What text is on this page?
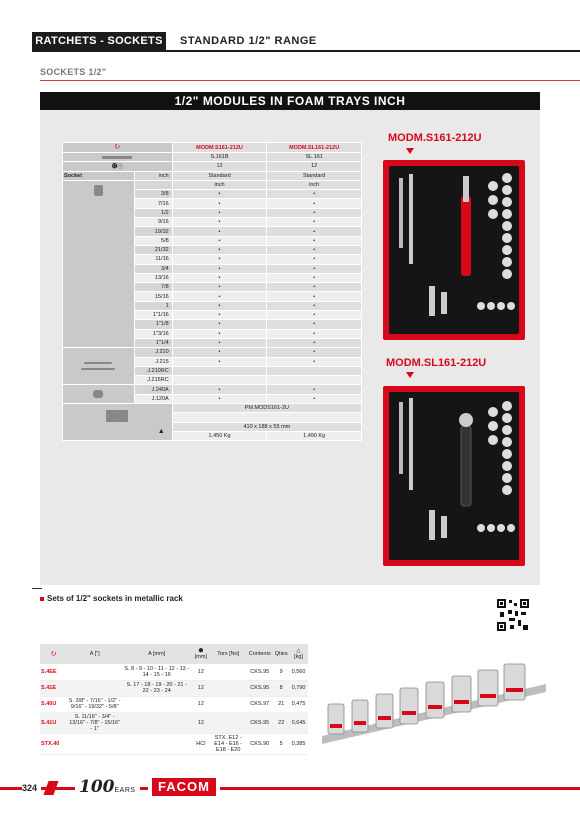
RATCHETS - SOCKETS STANDARD 1/2" RANGE
SOCKETS 1/2"
1/2" MODULES IN FOAM TRAYS INCH
⭮		MODM.S161-212U	MODM.SL161-212U

		S.161B	SL.161
⓬ⓢ		12	12
Socket	inch	Standard	Standard

		inch	inch
	3/8	•	•
	7/16	•	•
	1/2	•	•
	9/16	•	•
	19/32	•	•
	5/8	•	•
	21/32	•	•
	11/16	•	•
	3/4	•	•
	13/16	•	•
	7/8	•	•
	15/16	•	•
	1	•	•
	1"1/16	•	•
	1"1/8	•	•
	1"3/16	•	•
	1"1/4	•	•

	J.210	•	•
	J.215	•	•
	J.210RC		
	J.215RC		

	J.240A	•	•
	J.120A	•	•

▲		PM.MODS161-2U	

		410 x 188 x 55 mm	
		1,450 Kg	1,490 Kg
MODM.S161-212U
MODM.SL161-212U
Sets of 1/2" sockets in metallic rack
⭮	A ["]	A [mm]	⬢
[mm]	Torx [No]	Contents	Qties	△
[kg]
S.4EE		S. 8 - 9 - 10 - 11 - 12 - 13 - 14 - 15 - 16	12		CKS.95	9	0,560
S.41E		S. 17 - 18 - 19 - 20 - 21 - 22 - 23 - 24	12		CKS.95	8	0,790
S.40U	S. 3/8" - 7/16" - 1/2" - 9/16" - 19/32" - 5/8"		12		CKS.97	21	0,475
S.41U	S. 11/16" - 3/4" - 13/16" - 7/8" - 15/16" - 1"		12		CKS.95	22	0,645
STX.40			HCl	STX. E12 - E14 - E16 - E18 - E20	CKS.90	5	0,385
324 100EARS	FACOM
